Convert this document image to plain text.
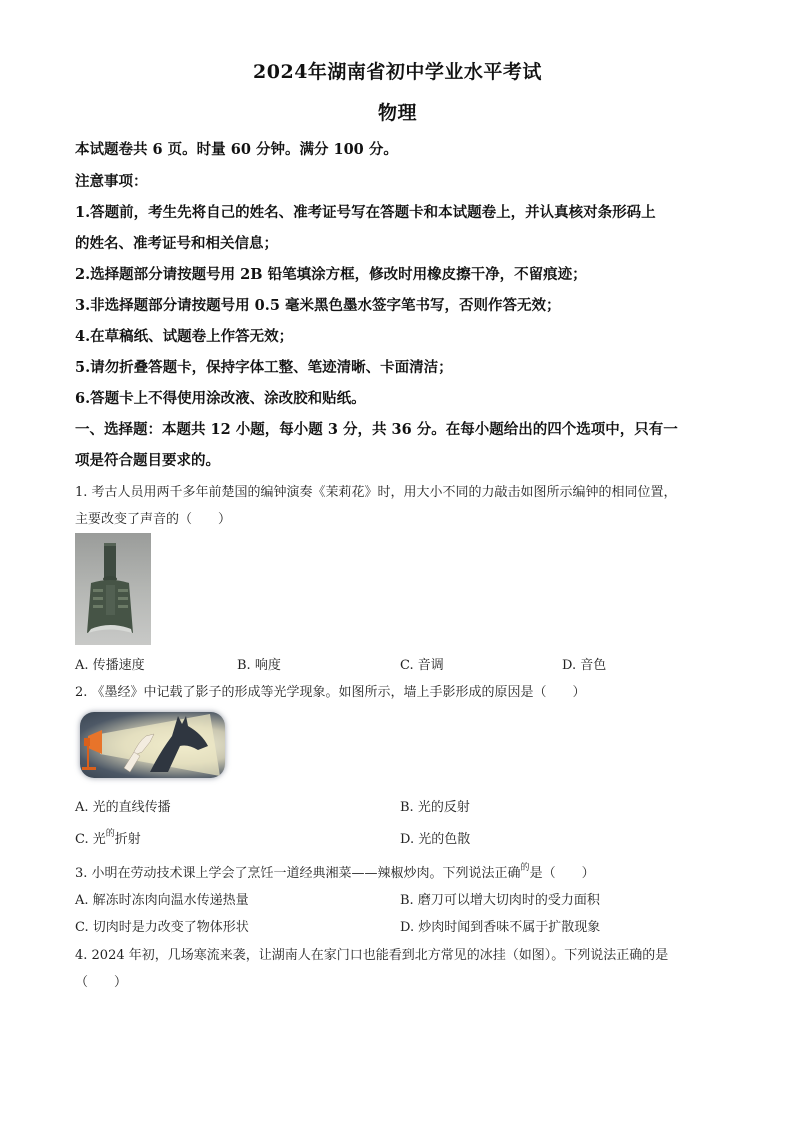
2024年湖南省初中学业水平考试
物理
本试题卷共 6 页。时量 60 分钟。满分 100 分。
注意事项：
1.答题前，考生先将自己的姓名、准考证号写在答题卡和本试题卷上，并认真核对条形码上
的姓名、准考证号和相关信息；
2.选择题部分请按题号用 2B 铅笔填涂方框，修改时用橡皮擦干净，不留痕迹；
3.非选择题部分请按题号用 0.5 毫米黑色墨水签字笔书写，否则作答无效；
4.在草稿纸、试题卷上作答无效；
5.请勿折叠答题卡，保持字体工整、笔迹清晰、卡面清洁；
6.答题卡上不得使用涂改液、涂改胶和贴纸。
一、选择题：本题共 12 小题，每小题 3 分，共 36 分。在每小题给出的四个选项中，只有一
项是符合题目要求的。
1. 考古人员用两千多年前楚国的编钟演奏《茉莉花》时，用大小不同的力敲击如图所示编钟的相同位置，
主要改变了声音的（　　）
A. 传播速度	B. 响度	C. 音调	D. 音色
2. 《墨经》中记载了影子的形成等光学现象。如图所示，墙上手影形成的原因是（　　）
A. 光的直线传播	B. 光的反射
C. 光$^的$折射	D. 光的色散
3. 小明在劳动技术课上学会了烹饪一道经典湘菜——辣椒炒肉。下列说法正确$^的$是（　　）
A. 解冻时冻肉向温水传递热量	B. 磨刀可以增大切肉时的受力面积
C. 切肉时是力改变了物体形状	D. 炒肉时闻到香味不属于扩散现象
4. 2024 年初，几场寒流来袭，让湖南人在家门口也能看到北方常见的冰挂（如图）。下列说法正确的是
（　　）
